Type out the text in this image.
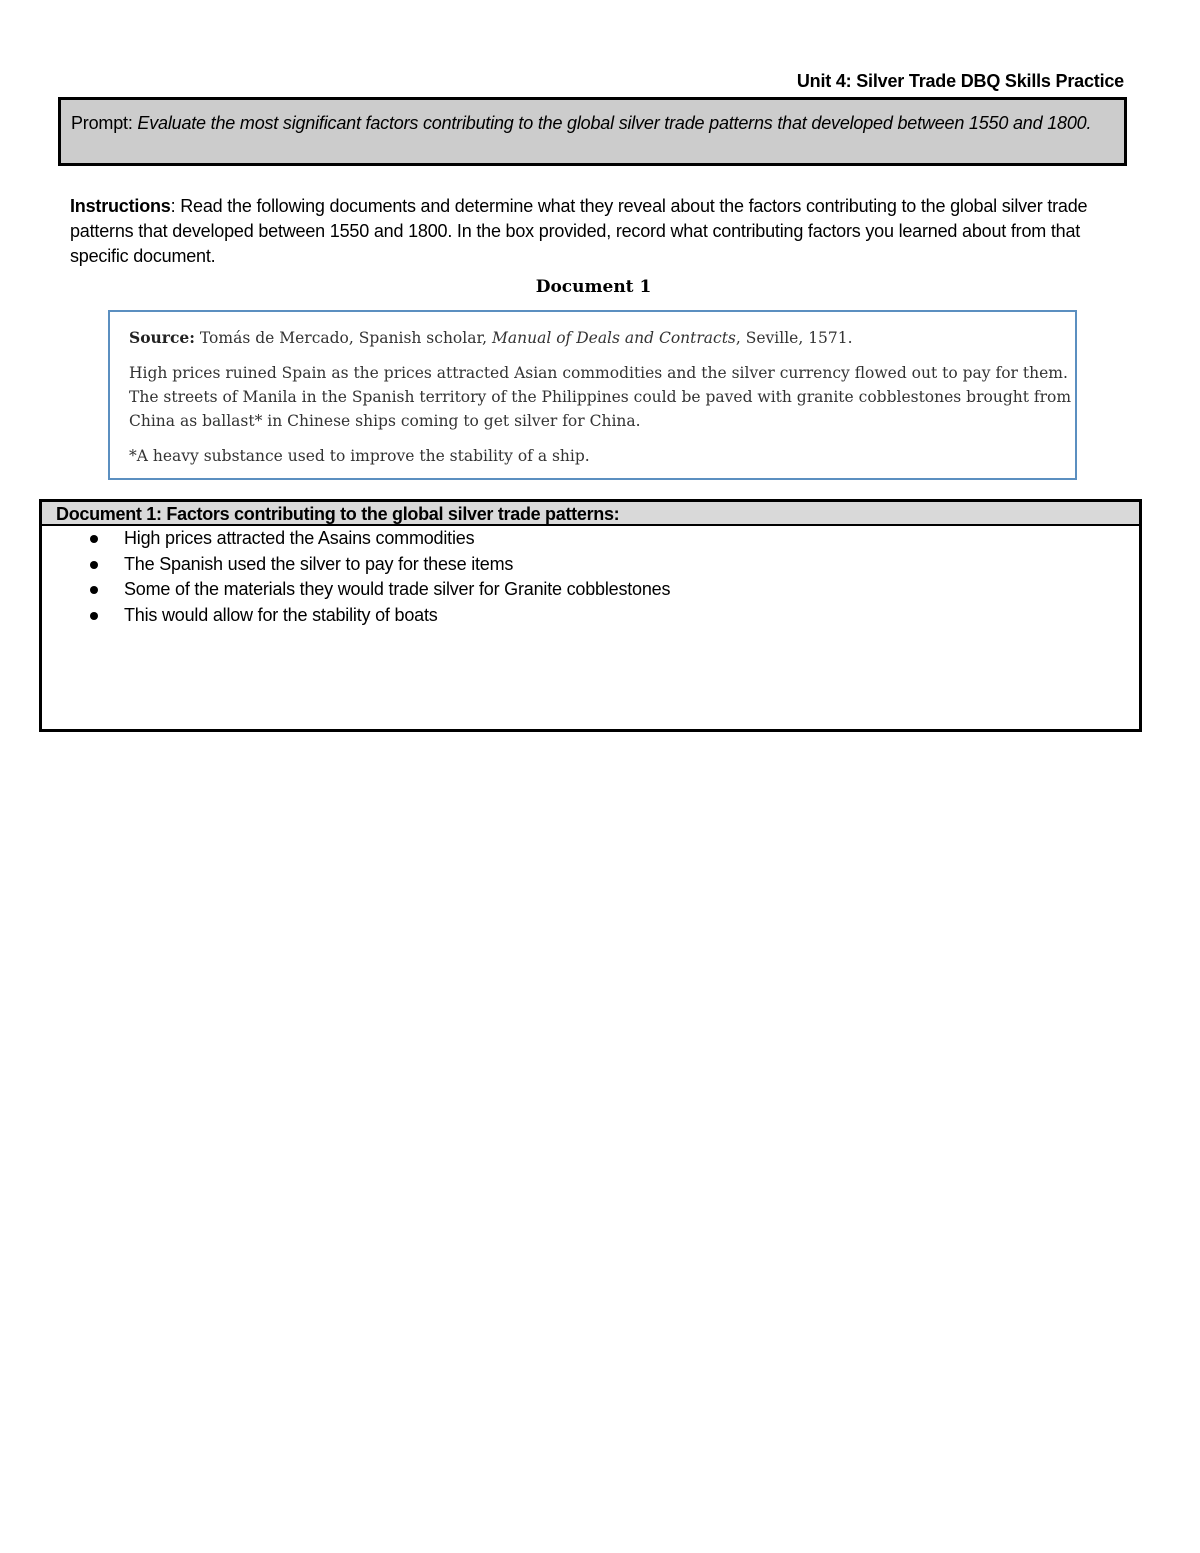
Unit 4: Silver Trade DBQ Skills Practice
Prompt: Evaluate the most significant factors contributing to the global silver trade patterns that developed between 1550 and 1800.
Instructions: Read the following documents and determine what they reveal about the factors contributing to the global silver trade patterns that developed between 1550 and 1800. In the box provided, record what contributing factors you learned about from that specific document.
Document 1
Source: Tomás de Mercado, Spanish scholar, Manual of Deals and Contracts, Seville, 1571.
High prices ruined Spain as the prices attracted Asian commodities and the silver currency flowed out to pay for them. The streets of Manila in the Spanish territory of the Philippines could be paved with granite cobblestones brought from China as ballast* in Chinese ships coming to get silver for China.
*A heavy substance used to improve the stability of a ship.
Document 1: Factors contributing to the global silver trade patterns:
High prices attracted the Asains commodities
The Spanish used the silver to pay for these items
Some of the materials they would trade silver for Granite cobblestones
This would allow for the stability of boats
